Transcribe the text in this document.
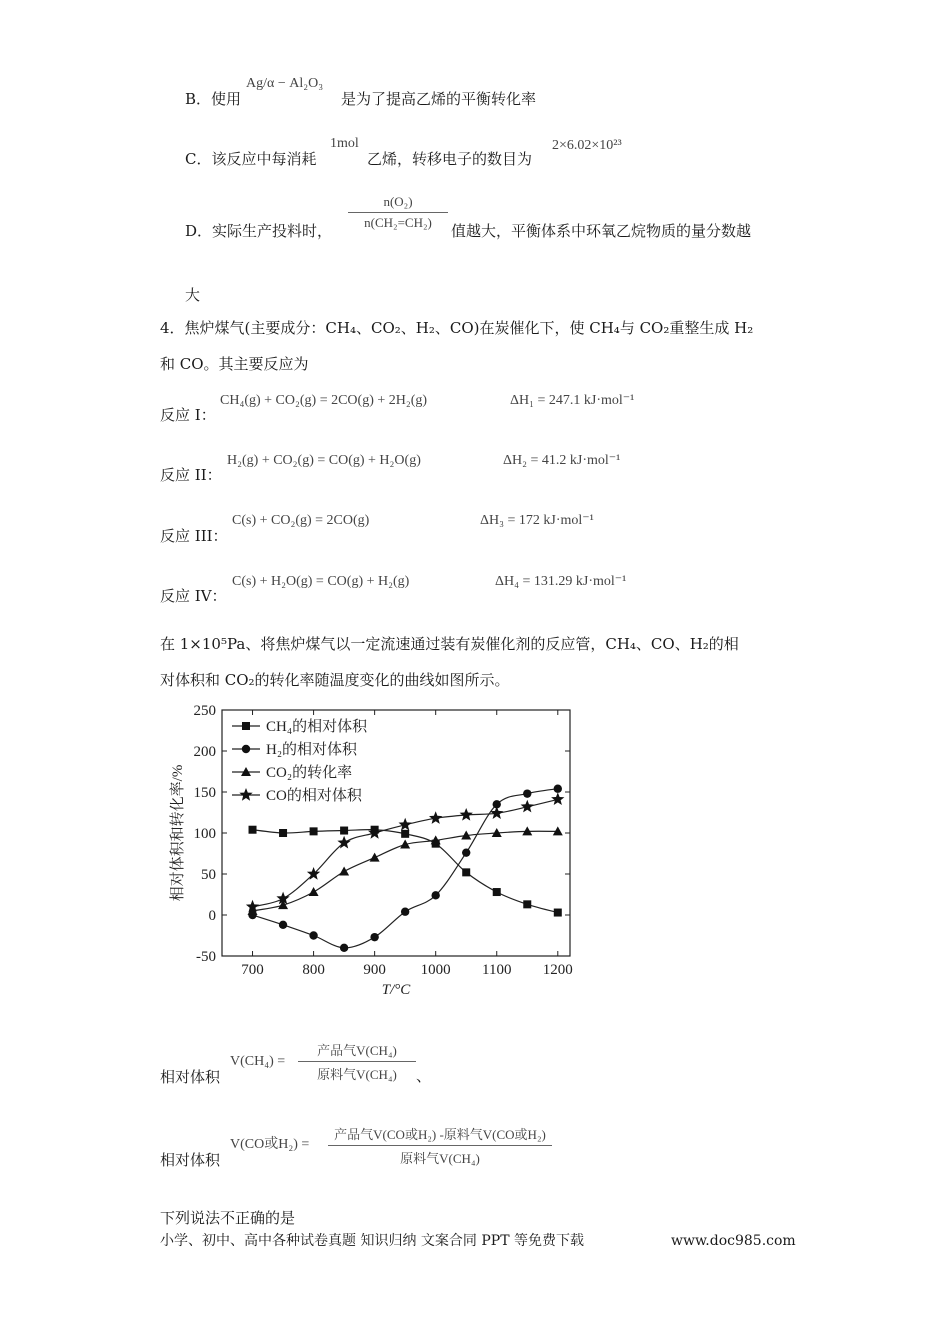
B．使用
Ag/α − Al₂O₃
是为了提高乙烯的平衡转化率
C．该反应中每消耗
1mol
乙烯，转移电子的数目为
2×6.02×10²³
D．实际生产投料时， $\frac{\text{n(O₂)}}{\text{n(CH₂=CH₂)}}$ 值越大，平衡体系中环氧乙烷物质的量分数越
大
4．焦炉煤气(主要成分：CH₄、CO₂、H₂、CO)在炭催化下，使 CH₄与 CO₂重整生成 H₂
和 CO。其主要反应为
反应 I：
CH₄(g) + CO₂(g) = 2CO(g) + 2H₂(g)	ΔH₁ = 247.1 kJ·mol⁻¹
反应 II：
H₂(g) + CO₂(g) = CO(g) + H₂O(g)	ΔH₂ = 41.2 kJ·mol⁻¹
反应 III：
C(s) + CO₂(g) = 2CO(g)	ΔH₃ = 172 kJ·mol⁻¹
反应 IV：
C(s) + H₂O(g) = CO(g) + H₂(g)	ΔH₄ = 131.29 kJ·mol⁻¹
在 1×10⁵Pa、将焦炉煤气以一定流速通过装有炭催化剂的反应管，CH₄、CO、H₂的相
对体积和 CO₂的转化率随温度变化的曲线如图所示。
700	800	900 1000 1100 1200
-50
0
50
100
150
200
250
T/°C
相对体积和转化率/%
CH₄的相对体积
H₂的相对体积
CO₂的转化率
CO的相对体积
相对体积
V(CH₄) =
产品气V(CH₄)
原料气V(CH₄)	、
相对体积
V(CO或H₂) =
产品气V(CO或H₂) -原料气V(CO或H₂)
原料气V(CH₄)
下列说法不正确的是
小学、初中、高中各种试卷真题 知识归纳 文案合同 PPT 等免费下载	www.doc985.com
